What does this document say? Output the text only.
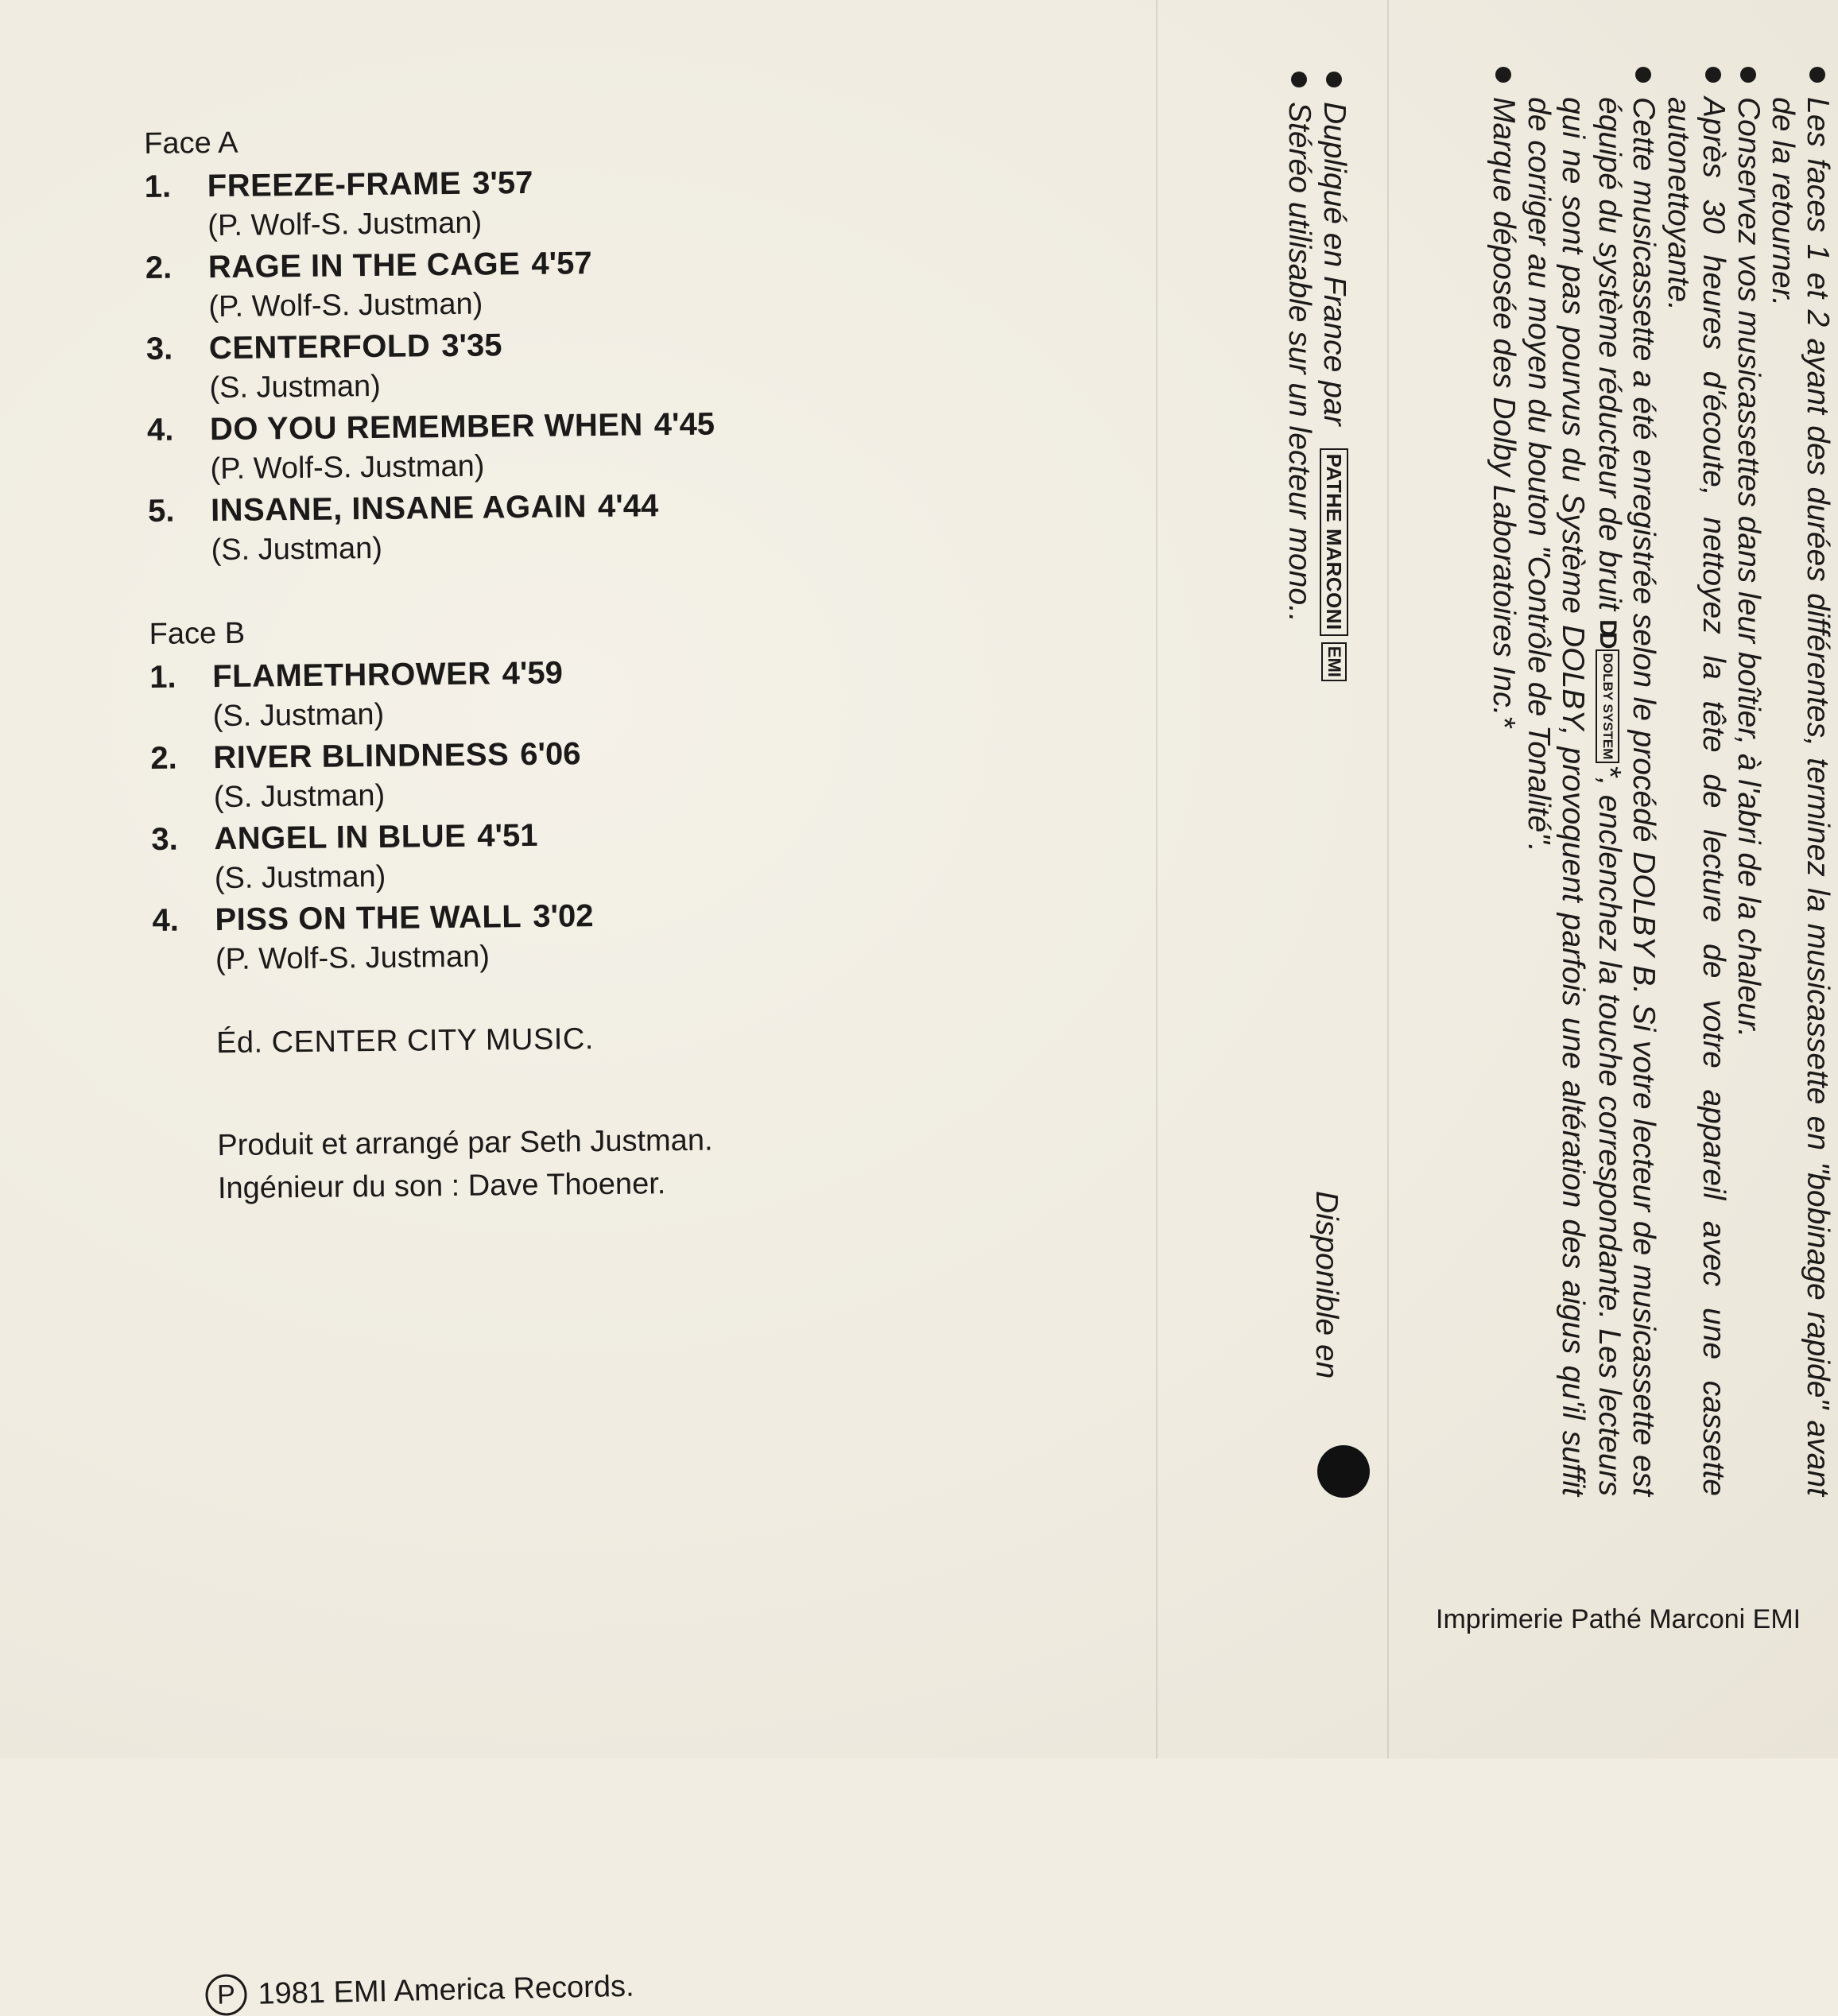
Face A
1.	FREEZE-FRAME 3'57
(P. Wolf-S. Justman)
2.	RAGE IN THE CAGE 4'57
(P. Wolf-S. Justman)
3.	CENTERFOLD 3'35
(S. Justman)
4.	DO YOU REMEMBER WHEN 4'45
(P. Wolf-S. Justman)
5.	INSANE, INSANE AGAIN 4'44
(S. Justman)
Face B
1.	FLAMETHROWER 4'59
(S. Justman)
2.	RIVER BLINDNESS 6'06
(S. Justman)
3.	ANGEL IN BLUE 4'51
(S. Justman)
4.	PISS ON THE WALL 3'02
(P. Wolf-S. Justman)
Éd. CENTER CITY MUSIC.
Produit et arrangé par Seth Justman.
Ingénieur du son : Dave Thoener.
P 1981 EMI America Records.
Les faces 1 et 2 ayant des durées différentes, terminez la musicassette en "bobinage rapide" avant de la retourner.
Conservez vos musicassettes dans leur boîtier, à l'abri de la chaleur.
Après 30 heures d'écoute, nettoyez la tête de lecture de votre appareil avec une cassette autonettoyante.
Cette musicassette a été enregistrée selon le procédé DOLBY B. Si votre lecteur de musicassette est équipé du système réducteur de bruit DDDOLBY SYSTEM*, enclenchez la touche correspondante. Les lecteurs qui ne sont pas pourvus du Système DOLBY, provoquent parfois une altération des aigus qu'il suffit de corriger au moyen du bouton "Contrôle de Tonalité".
Marque déposée des Dolby Laboratoires Inc.*
Dupliqué en France par
PATHE MARCONI
EMI
Stéréo utilisable sur un lecteur mono..
Disponible en
Imprimerie Pathé Marconi EMI
